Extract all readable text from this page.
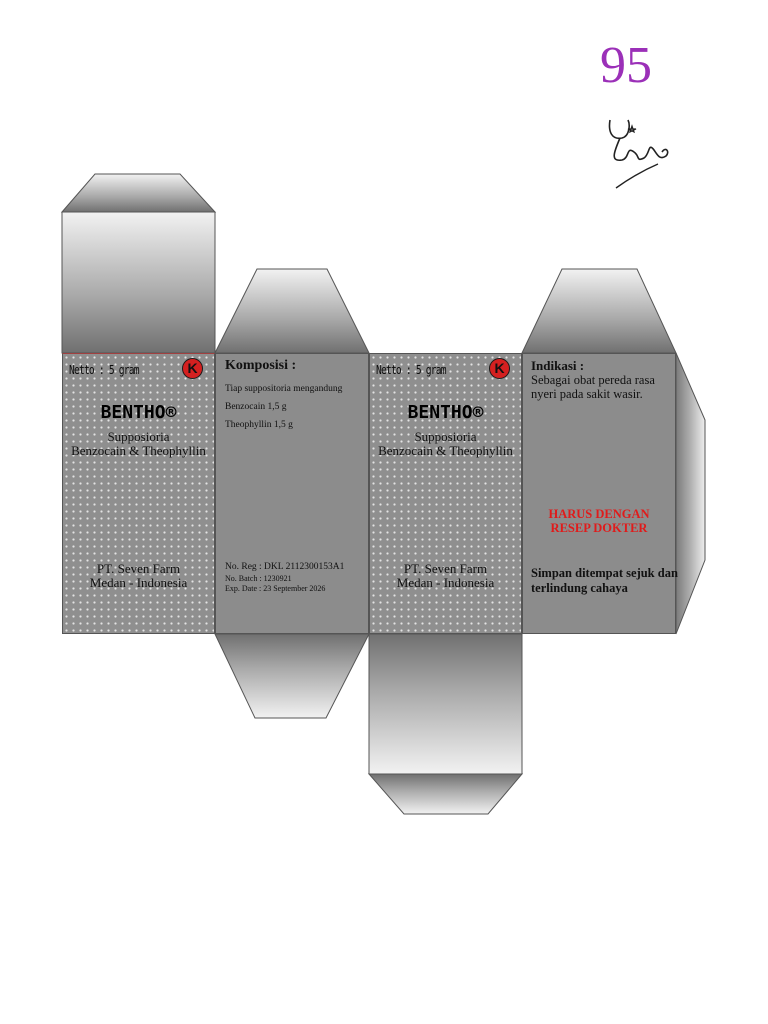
95
Netto : 5 gram	K
BENTHO®
Supposioria
Benzocain & Theophyllin
PT. Seven Farm
Medan - Indonesia
Komposisi :
Tiap suppositoria mengandung
Benzocain 1,5 g
Theophyllin 1,5 g
No. Reg : DKL 2112300153A1
No. Batch : 1230921
Exp. Date : 23 September 2026
Netto : 5 gram	K
BENTHO®
Supposioria
Benzocain & Theophyllin
PT. Seven Farm
Medan - Indonesia
Indikasi :
Sebagai obat pereda rasa nyeri pada sakit wasir.
HARUS DENGAN
RESEP DOKTER
Simpan ditempat sejuk dan terlindung cahaya
